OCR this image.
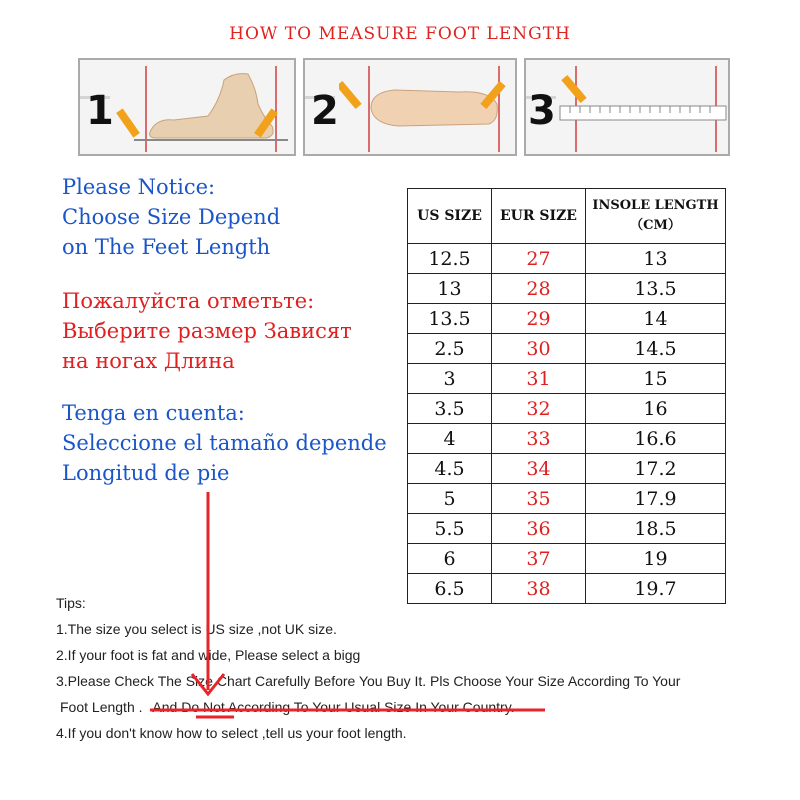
HOW TO MEASURE FOOT LENGTH
1	2	3
Please Notice:
Choose Size Depend
on The Feet Length
Пожалуйста отметьте:
Выберите размер Зависят
на ногах Длина
Tenga en cuenta:
Seleccione el tamaño depende
Longitud de pie
US SIZE	EUR SIZE	INSOLE LENGTH
（CM）

12.5	27	13
13	28	13.5
13.5	29	14
2.5	30	14.5
3	31	15
3.5	32	16
4	33	16.6
4.5	34	17.2
5	35	17.9
5.5	36	18.5
6	37	19
6.5	38	19.7
Tips:
1.The size you select is US size ,not UK size.
2.If your foot is fat and wide, Please select a bigg
3.Please Check The Size Chart Carefully Before You Buy It. Pls Choose Your Size According To Your
Foot Length . And Do Not According To Your Usual Size In Your Country.
4.If you don't know how to select ,tell us your foot length.
